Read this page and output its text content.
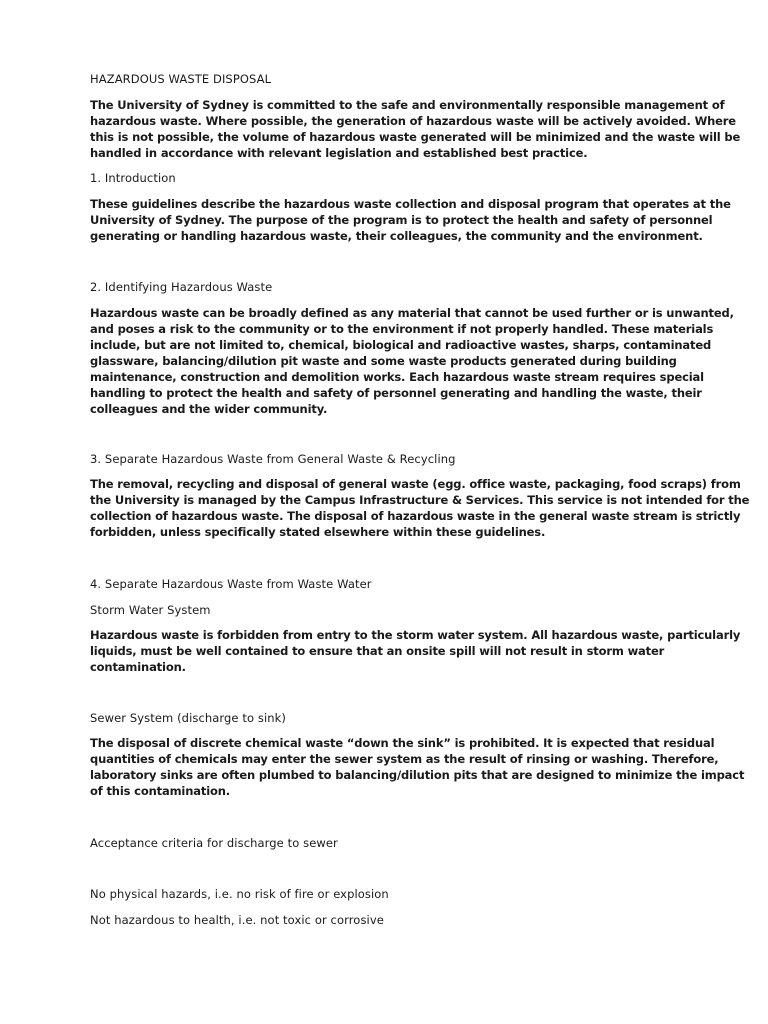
HAZARDOUS WASTE DISPOSAL

The University of Sydney is committed to the safe and environmentally responsible management of
hazardous waste. Where possible, the generation of hazardous waste will be actively avoided. Where
this is not possible, the volume of hazardous waste generated will be minimized and the waste will be
handled in accordance with relevant legislation and established best practice.

1. Introduction

These guidelines describe the hazardous waste collection and disposal program that operates at the
University of Sydney. The purpose of the program is to protect the health and safety of personnel
generating or handling hazardous waste, their colleagues, the community and the environment.

2. Identifying Hazardous Waste

Hazardous waste can be broadly defined as any material that cannot be used further or is unwanted,
and poses a risk to the community or to the environment if not properly handled. These materials
include, but are not limited to, chemical, biological and radioactive wastes, sharps, contaminated
glassware, balancing/dilution pit waste and some waste products generated during building
maintenance, construction and demolition works. Each hazardous waste stream requires special
handling to protect the health and safety of personnel generating and handling the waste, their
colleagues and the wider community.

3. Separate Hazardous Waste from General Waste & Recycling

The removal, recycling and disposal of general waste (egg. office waste, packaging, food scraps) from
the University is managed by the Campus Infrastructure & Services. This service is not intended for the
collection of hazardous waste. The disposal of hazardous waste in the general waste stream is strictly
forbidden, unless specifically stated elsewhere within these guidelines.

4. Separate Hazardous Waste from Waste Water

Storm Water System

Hazardous waste is forbidden from entry to the storm water system. All hazardous waste, particularly
liquids, must be well contained to ensure that an onsite spill will not result in storm water
contamination.

Sewer System (discharge to sink)

The disposal of discrete chemical waste “down the sink” is prohibited. It is expected that residual
quantities of chemicals may enter the sewer system as the result of rinsing or washing. Therefore,
laboratory sinks are often plumbed to balancing/dilution pits that are designed to minimize the impact
of this contamination.

Acceptance criteria for discharge to sewer

No physical hazards, i.e. no risk of fire or explosion

Not hazardous to health, i.e. not toxic or corrosive
